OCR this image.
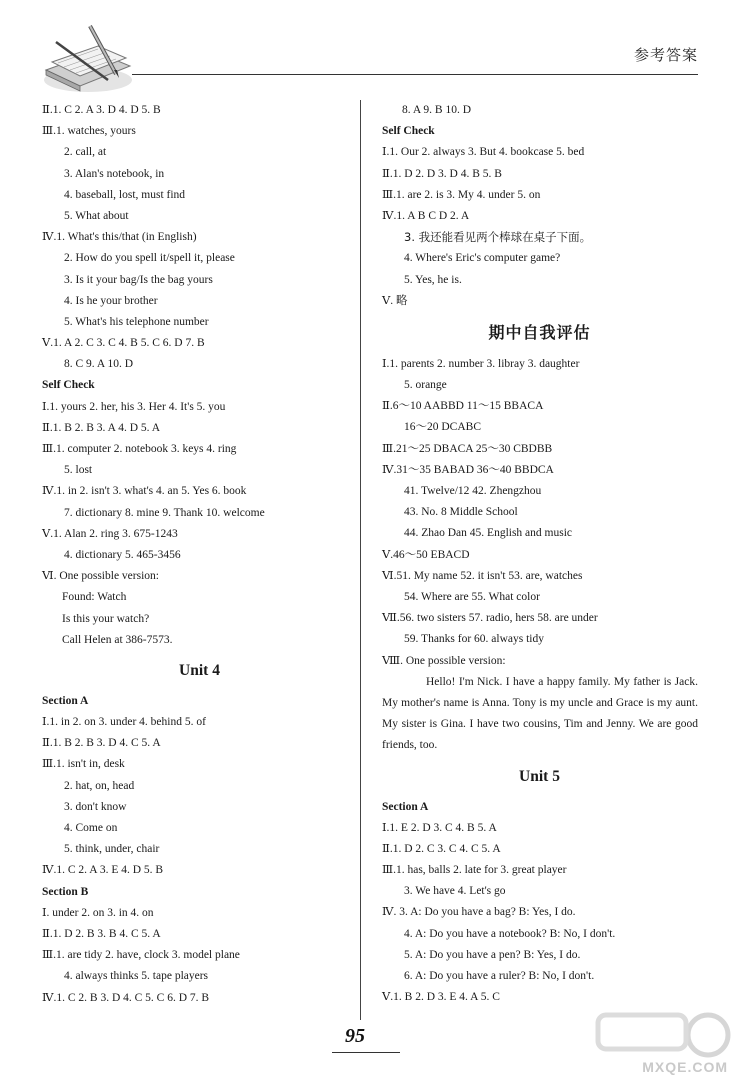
参考答案
Ⅱ.1. C 2. A 3. D 4. D 5. B
Ⅲ.1. watches, yours
2. call, at
3. Alan's notebook, in
4. baseball, lost, must find
5. What about
Ⅳ.1. What's this/that (in English)
2. How do you spell it/spell it, please
3. Is it your bag/Is the bag yours
4. Is he your brother
5. What's his telephone number
Ⅴ.1. A 2. C 3. C 4. B 5. C 6. D 7. B
8. C 9. A 10. D
Self Check
Ⅰ.1. yours 2. her, his 3. Her 4. It's 5. you
Ⅱ.1. B 2. B 3. A 4. D 5. A
Ⅲ.1. computer 2. notebook 3. keys 4. ring
5. lost
Ⅳ.1. in 2. isn't 3. what's 4. an 5. Yes 6. book
7. dictionary 8. mine 9. Thank 10. welcome
Ⅴ.1. Alan 2. ring 3. 675-1243
4. dictionary 5. 465-3456
Ⅵ. One possible version:
Found: Watch
Is this your watch?
Call Helen at 386-7573.
Unit 4
Section A
Ⅰ.1. in 2. on 3. under 4. behind 5. of
Ⅱ.1. B 2. B 3. D 4. C 5. A
Ⅲ.1. isn't in, desk
2. hat, on, head
3. don't know
4. Come on
5. think, under, chair
Ⅳ.1. C 2. A 3. E 4. D 5. B
Section B
Ⅰ. under 2. on 3. in 4. on
Ⅱ.1. D 2. B 3. B 4. C 5. A
Ⅲ.1. are tidy 2. have, clock 3. model plane
4. always thinks 5. tape players
Ⅳ.1. C 2. B 3. D 4. C 5. C 6. D 7. B
8. A 9. B 10. D
Self Check
Ⅰ.1. Our 2. always 3. But 4. bookcase 5. bed
Ⅱ.1. D 2. D 3. D 4. B 5. B
Ⅲ.1. are 2. is 3. My 4. under 5. on
Ⅳ.1. A B C D 2. A
3. 我还能看见两个棒球在桌子下面。
4. Where's Eric's computer game?
5. Yes, he is.
Ⅴ. 略
期中自我评估
Ⅰ.1. parents 2. number 3. libray 3. daughter
5. orange
Ⅱ.6～10 AABBD 11～15 BBACA
16～20 DCABC
Ⅲ.21～25 DBACA 25～30 CBDBB
Ⅳ.31～35 BABAD 36～40 BBDCA
41. Twelve/12 42. Zhengzhou
43. No. 8 Middle School
44. Zhao Dan 45. English and music
Ⅴ.46～50 EBACD
Ⅵ.51. My name 52. it isn't 53. are, watches
54. Where are 55. What color
Ⅶ.56. two sisters 57. radio, hers 58. are under
59. Thanks for 60. always tidy
Ⅷ. One possible version:

Hello! I'm Nick. I have a happy family. My father is Jack. My mother's name is Anna. Tony is my uncle and Grace is my aunt. My sister is Gina. I have two cousins, Tim and Jenny. We are good friends, too.

Unit 5
Section A
Ⅰ.1. E 2. D 3. C 4. B 5. A
Ⅱ.1. D 2. C 3. C 4. C 5. A
Ⅲ.1. has, balls 2. late for 3. great player
3. We have 4. Let's go
Ⅳ. 3. A: Do you have a bag? B: Yes, I do.
4. A: Do you have a notebook? B: No, I don't.
5. A: Do you have a pen? B: Yes, I do.
6. A: Do you have a ruler? B: No, I don't.
Ⅴ.1. B 2. D 3. E 4. A 5. C
95
MXQE.COM
